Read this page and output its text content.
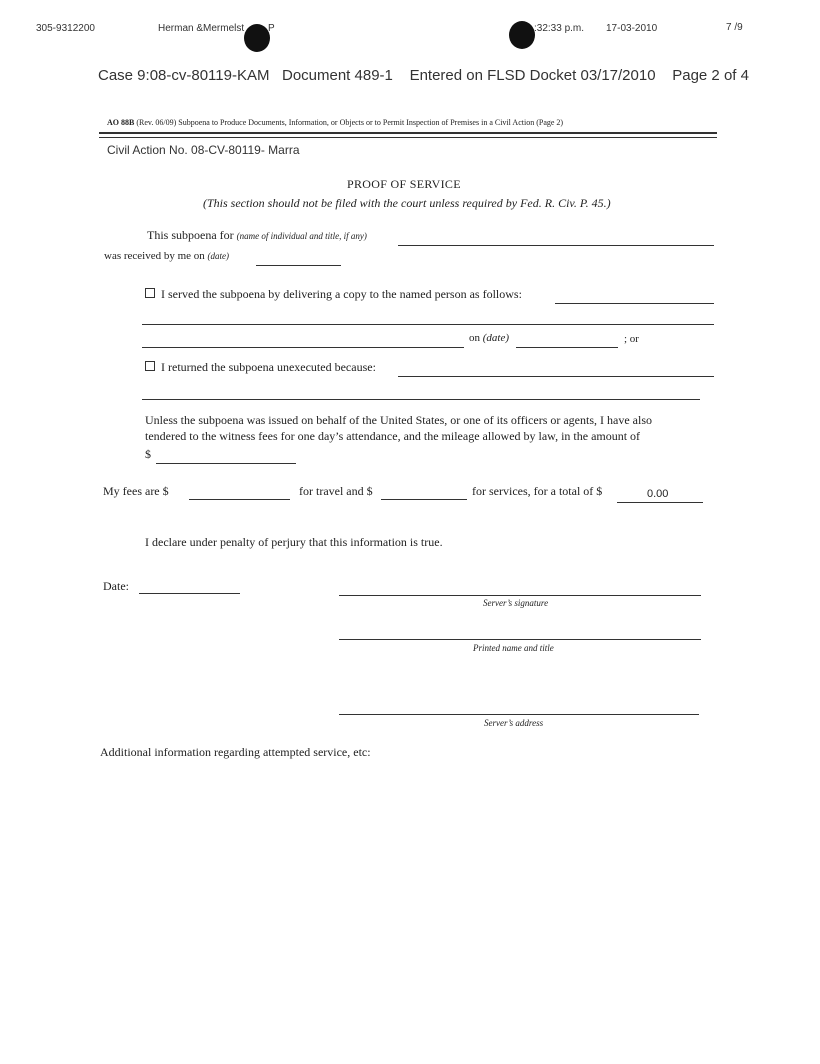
305-9312200	Herman &Mermelst P	:32:33 p.m. 17-03-2010	7 /9
Case 9:08-cv-80119-KAM Document 489-1 Entered on FLSD Docket 03/17/2010 Page 2 of 4
AO 88B (Rev. 06/09) Subpoena to Produce Documents, Information, or Objects or to Permit Inspection of Premises in a Civil Action (Page 2)
Civil Action No. 08-CV-80119- Marra
PROOF OF SERVICE
(This section should not be filed with the court unless required by Fed. R. Civ. P. 45.)
This subpoena for (name of individual and title, if any)
was received by me on (date)
I served the subpoena by delivering a copy to the named person as follows:
on (date)	; or
I returned the subpoena unexecuted because:
Unless the subpoena was issued on behalf of the United States, or one of its officers or agents, I have also
tendered to the witness fees for one day’s attendance, and the mileage allowed by law, in the amount of
$
My fees are $	for travel and $	for services, for a total of $	0.00
I declare under penalty of perjury that this information is true.
Date:
Server’s signature
Printed name and title
Server’s address
Additional information regarding attempted service, etc:
